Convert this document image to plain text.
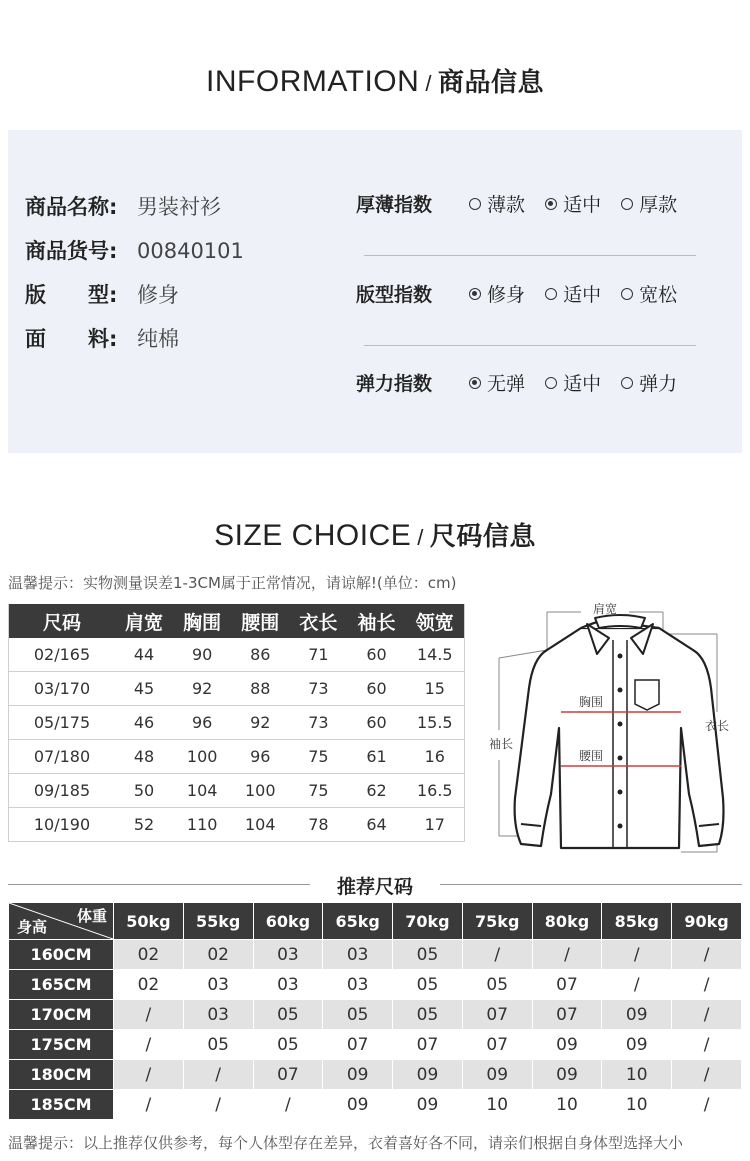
INFORMATION / 商品信息
商品名称: 男装衬衫
商品货号: 00840101
版　　型: 修身
面　　料: 纯棉
厚薄指数	薄款 适中 厚款
版型指数	修身 适中 宽松
弹力指数	无弹 适中 弹力
SIZE CHOICE / 尺码信息
温馨提示：实物测量误差1-3CM属于正常情况，请谅解!(单位：cm)
尺码	肩宽	胸围	腰围	衣长	袖长	领宽
02/165	44	90	86	71	60	14.5
03/170	45	92	88	73	60	15
05/175	46	96	92	73	60	15.5
07/180	48	100	96	75	61	16
09/185	50	104	100	75	62	16.5
10/190	52	110	104	78	64	17
肩宽
胸围
腰围
袖长
衣长
推荐尺码
体重
身高	50kg	55kg	60kg	65kg	70kg	75kg	80kg	85kg	90kg
160CM	02	02	03	03	05	/	/	/	/
165CM	02	03	03	03	05	05	07	/	/
170CM	/	03	05	05	05	07	07	09	/
175CM	/	05	05	07	07	07	09	09	/
180CM	/	/	07	09	09	09	09	10	/
185CM	/	/	/	09	09	10	10	10	/
温馨提示：以上推荐仅供参考，每个人体型存在差异，衣着喜好各不同，请亲们根据自身体型选择大小
